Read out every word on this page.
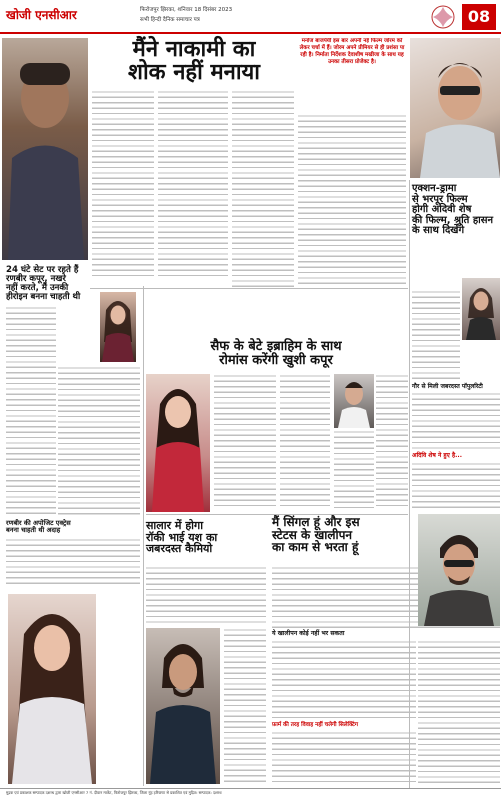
खोजी एनसीआर	फिरोजपुर झिरका, शनिवार 18 दिसंबर 2023
सभी हिन्दी दैनिक समाचार पत्र	08
मैंने नाकामी का
शोक नहीं मनाया
मनोज बाजपेयी इस बार अपनी नई फिल्म जोरम को लेकर चर्चा में हैं। जोरम अपने प्रीमियर से ही प्रशंसा पा रही है। निर्माता निर्देशक देवाशीष मखीजा के साथ यह उनका तीसरा प्रोजेक्ट है।
एक्शन-ड्रामा
से भरपूर फिल्म
होगी अदिवी शेष
की फिल्म, श्रुति हासन
के साथ दिखेंगे
गौर से मिली जबरदस्त पॉपुलरिटी
अदिवि शेष ने हुए है...
24 घंटे सेट पर रहते हैं
रणबीर कपूर, नखरे
नहीं करते, मैं उनकी
हीरोइन बनना चाहती थी
रणबीर की अपोजिट एक्ट्रेस
बनना चाहती थी अदाह
सैफ के बेटे इब्राहिम के साथ
रोमांस करेंगी खुशी कपूर
सालार में होगा
रॉकी भाई यश का
जबरदस्त कैमियो
मैं सिंगल हूं और इस
स्टेटस के खालीपन
का काम से भरता हूं
ये खालीपन कोई नहीं भर सकता
फ़ार्म की तरह विवाह नहीं चलेगी सिलेक्टिंग
मुद्रक एवं प्रकाशक सम्पादक दशरथ द्वारा खोजी एनसीआर 7 नं. दीवान मार्केट, फिरोजपुर झिरका, जिला नूंह हरियाणा से प्रकाशित एवं मुद्रित। सम्पादक: दशरथ
